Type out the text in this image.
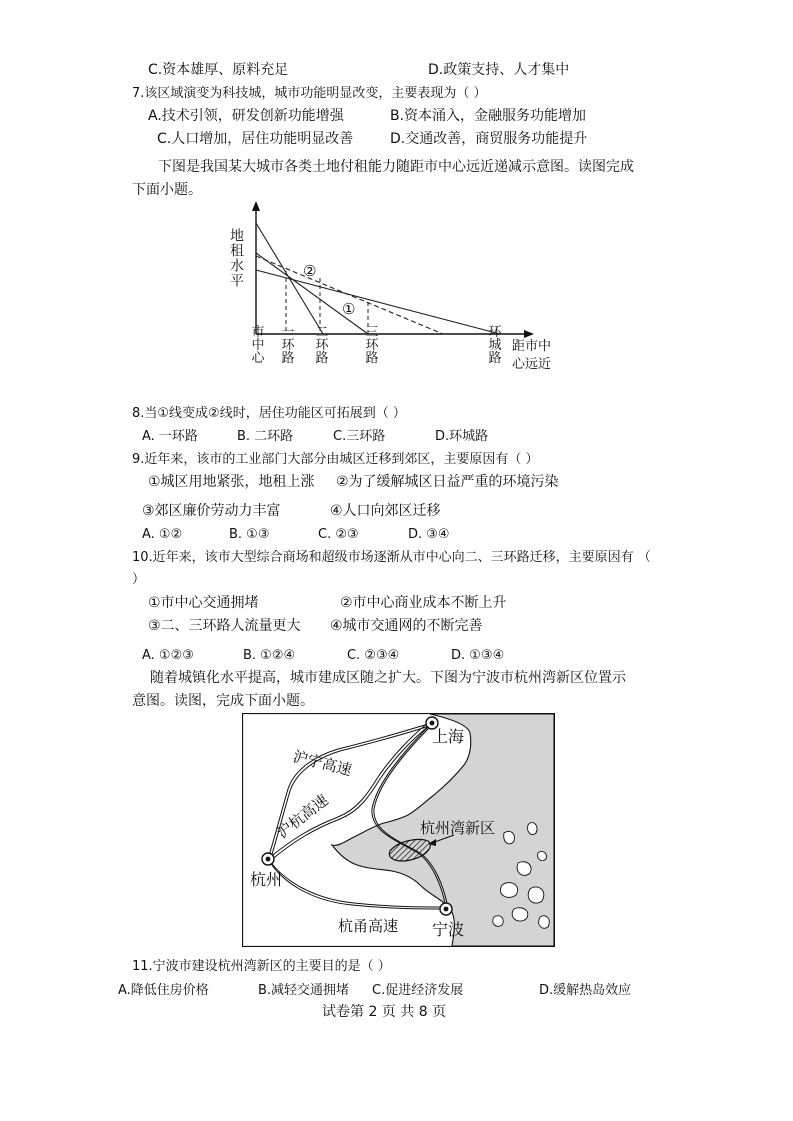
C.资本雄厚、原料充足	D.政策支持、人才集中
7.该区域演变为科技城，城市功能明显改变，主要表现为（ ）
A.技术引领，研发创新功能增强	B.资本涌入，金融服务功能增加
C.人口增加，居住功能明显改善	D.交通改善，商贸服务功能提升
下图是我国某大城市各类土地付租能力随距市中心远近递减示意图。读图完成
下面小题。
地租水平	②
①
市中心 一环路 二环路	三环路	环城路 距市中
心远近
8.当①线变成②线时，居住功能区可拓展到（ ）
A. 一环路	B. 二环路	C.三环路	D.环城路
9.近年来，该市的工业部门大部分由城区迁移到郊区，主要原因有（ ）
①城区用地紧张，地租上涨 ②为了缓解城区日益严重的环境污染
③郊区廉价劳动力丰富	④人口向郊区迁移
A. ①②	B. ①③	C. ②③	D. ③④
10.近年来，该市大型综合商场和超级市场逐渐从市中心向二、三环路迁移，主要原因有 （
）
①市中心交通拥堵	②市中心商业成本不断上升
③二、三环路人流量更大 ④城市交通网的不断完善
A. ①②③	B. ①②④	C. ②③④	D. ①③④
随着城镇化水平提高，城市建成区随之扩大。下图为宁波市杭州湾新区位置示
意图。读图，完成下面小题。
上海
杭州
宁波
杭州湾新区
沪宁高速
沪杭高速
杭甬高速
11.宁波市建设杭州湾新区的主要目的是（ ）
A.降低住房价格	B.减轻交通拥堵 C.促进经济发展	D.缓解热岛效应
试卷第 2 页 共 8 页
